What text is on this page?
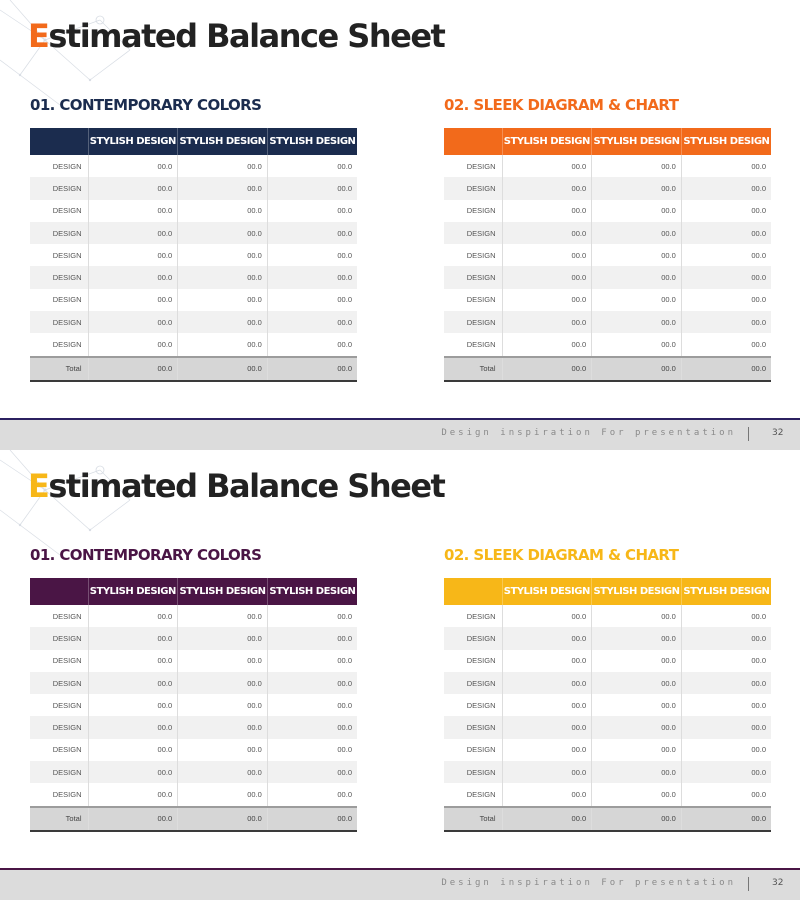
Estimated Balance Sheet
01. CONTEMPORARY COLORS
	STYLISH DESIGN	STYLISH DESIGN	STYLISH DESIGN
DESIGN	00.0	00.0	00.0
DESIGN	00.0	00.0	00.0
DESIGN	00.0	00.0	00.0
DESIGN	00.0	00.0	00.0
DESIGN	00.0	00.0	00.0
DESIGN	00.0	00.0	00.0
DESIGN	00.0	00.0	00.0
DESIGN	00.0	00.0	00.0
DESIGN	00.0	00.0	00.0
Total	00.0	00.0	00.0
02. SLEEK DIAGRAM & CHART
	STYLISH DESIGN	STYLISH DESIGN	STYLISH DESIGN
DESIGN	00.0	00.0	00.0
DESIGN	00.0	00.0	00.0
DESIGN	00.0	00.0	00.0
DESIGN	00.0	00.0	00.0
DESIGN	00.0	00.0	00.0
DESIGN	00.0	00.0	00.0
DESIGN	00.0	00.0	00.0
DESIGN	00.0	00.0	00.0
DESIGN	00.0	00.0	00.0
Total	00.0	00.0	00.0
Design inspiration For presentation	32
Estimated Balance Sheet
01. CONTEMPORARY COLORS
	STYLISH DESIGN	STYLISH DESIGN	STYLISH DESIGN
DESIGN	00.0	00.0	00.0
DESIGN	00.0	00.0	00.0
DESIGN	00.0	00.0	00.0
DESIGN	00.0	00.0	00.0
DESIGN	00.0	00.0	00.0
DESIGN	00.0	00.0	00.0
DESIGN	00.0	00.0	00.0
DESIGN	00.0	00.0	00.0
DESIGN	00.0	00.0	00.0
Total	00.0	00.0	00.0
02. SLEEK DIAGRAM & CHART
	STYLISH DESIGN	STYLISH DESIGN	STYLISH DESIGN
DESIGN	00.0	00.0	00.0
DESIGN	00.0	00.0	00.0
DESIGN	00.0	00.0	00.0
DESIGN	00.0	00.0	00.0
DESIGN	00.0	00.0	00.0
DESIGN	00.0	00.0	00.0
DESIGN	00.0	00.0	00.0
DESIGN	00.0	00.0	00.0
DESIGN	00.0	00.0	00.0
Total	00.0	00.0	00.0
Design inspiration For presentation	32
